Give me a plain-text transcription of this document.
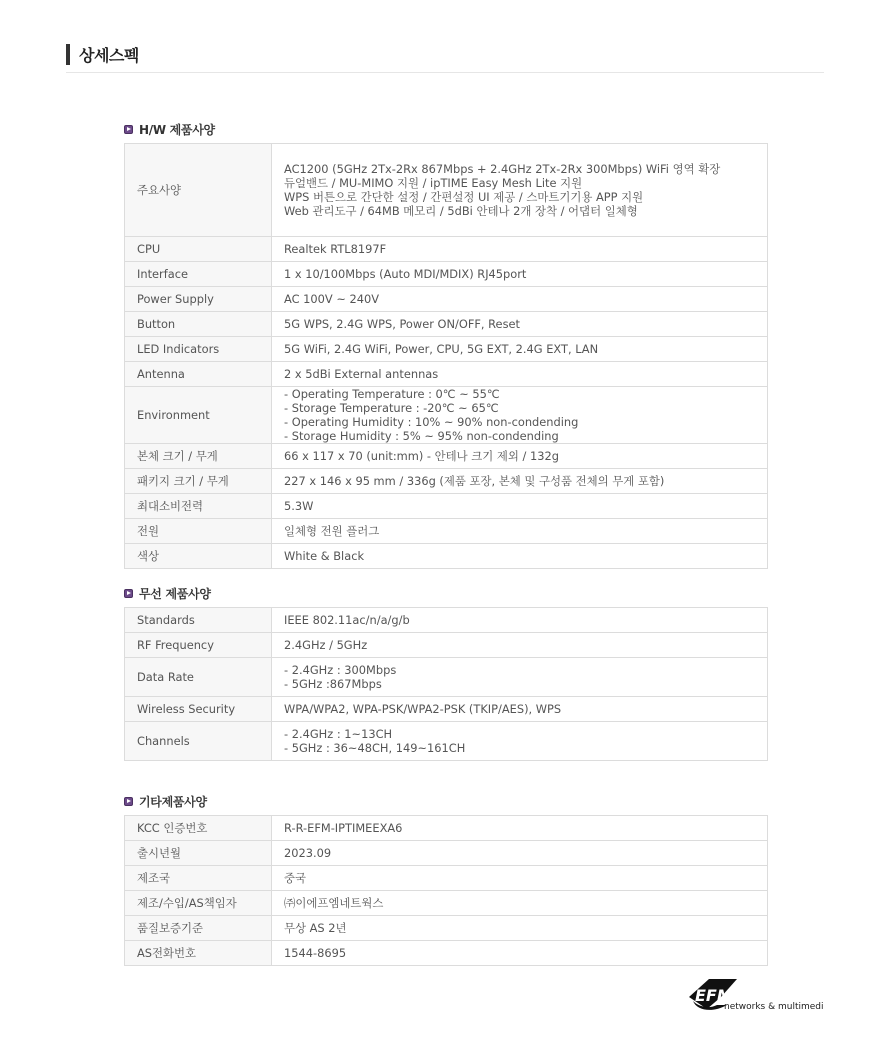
상세스펙
H/W 제품사양
주요사양	AC1200 (5GHz 2Tx-2Rx 867Mbps + 2.4GHz 2Tx-2Rx 300Mbps) WiFi 영역 확장
듀얼밴드 / MU-MIMO 지원 / ipTIME Easy Mesh Lite 지원
WPS 버튼으로 간단한 설정 / 간편설정 UI 제공 / 스마트기기용 APP 지원
Web 관리도구 / 64MB 메모리 / 5dBi 안테나 2개 장착 / 어댑터 일체형

CPU	Realtek RTL8197F

Interface	1 x 10/100Mbps (Auto MDI/MDIX) RJ45port

Power Supply	AC 100V ~ 240V

Button	5G WPS, 2.4G WPS, Power ON/OFF, Reset

LED Indicators	5G WiFi, 2.4G WiFi, Power, CPU, 5G EXT, 2.4G EXT, LAN

Antenna	2 x 5dBi External antennas

Environment	- Operating Temperature : 0℃ ~ 55℃
- Storage Temperature : -20℃ ~ 65℃
- Operating Humidity : 10% ~ 90% non-condending
- Storage Humidity : 5% ~ 95% non-condending

본체 크기 / 무게	66 x 117 x 70 (unit:mm) - 안테나 크기 제외 / 132g

패키지 크기 / 무게	227 x 146 x 95 mm / 336g (제품 포장, 본체 및 구성품 전체의 무게 포함)

최대소비전력	5.3W

전원	일체형 전원 플러그

색상	White & Black
무선 제품사양
Standards	IEEE 802.11ac/n/a/g/b

RF Frequency	2.4GHz / 5GHz

Data Rate	- 2.4GHz : 300Mbps
- 5GHz :867Mbps

Wireless Security	WPA/WPA2, WPA-PSK/WPA2-PSK (TKIP/AES), WPS

Channels	- 2.4GHz : 1~13CH
- 5GHz : 36~48CH, 149~161CH
기타제품사양
KCC 인증번호	R-R-EFM-IPTIMEEXA6

출시년월	2023.09

제조국	중국

제조/수입/AS책임자	㈜이에프엠네트웍스

품질보증기준	무상 AS 2년

AS전화번호	1544-8695
EFM
networks & multimedia
